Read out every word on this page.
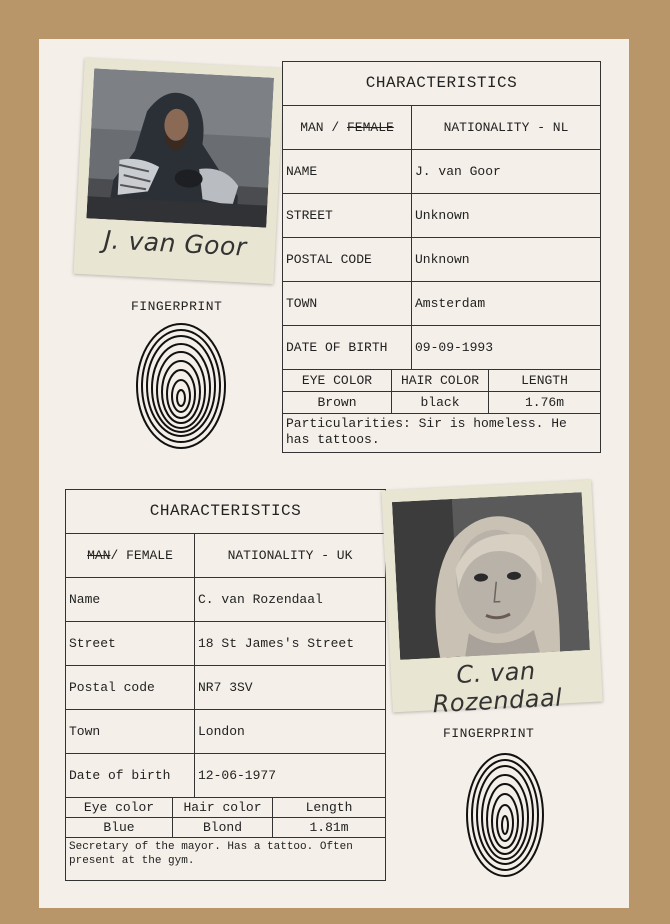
J. van Goor
FINGERPRINT
CHARACTERISTICS
MAN / FEMALE	NATIONALITY - NL
NAME	J. van Goor
STREET	Unknown
POSTAL CODE	Unknown
TOWN	Amsterdam
DATE OF BIRTH	09-09-1993
EYE COLOR	HAIR COLOR	LENGTH
Brown	black	1.76m
Particularities: Sir is homeless. He has tattoos.
CHARACTERISTICS
MAN / FEMALE	NATIONALITY - UK
Name	C. van Rozendaal
Street	18 St James's Street
Postal code	NR7 3SV
Town	London
Date of birth	12-06-1977
Eye color	Hair color	Length
Blue	Blond	1.81m
Secretary of the mayor. Has a tattoo. Often present at the gym.
C. van Rozendaal
FINGERPRINT
